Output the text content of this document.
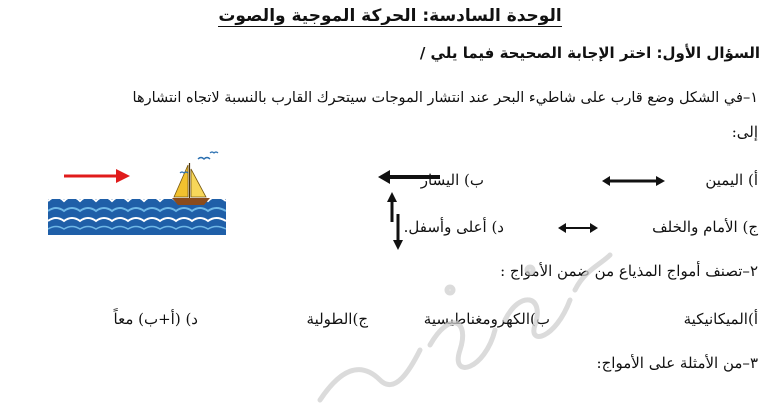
الوحدة السادسة: الحركة الموجية والصوت
السؤال الأول: اختر الإجابة الصحيحة فيما يلي /
١–في الشكل وضع قارب على شاطيء البحر عند انتشار الموجات سيتحرك القارب بالنسبة لاتجاه انتشارها
إلى:
أ) اليمين
ب) اليسار
ج) الأمام والخلف
د) أعلى وأسفل.
٢–تصنف أمواج المذياع من ضمن الأمواج :
أ)الميكانيكية
ب)الكهرومغناطيسية
ج)الطولية
د) (أ+ب) معاً
٣–من الأمثلة على الأمواج:
